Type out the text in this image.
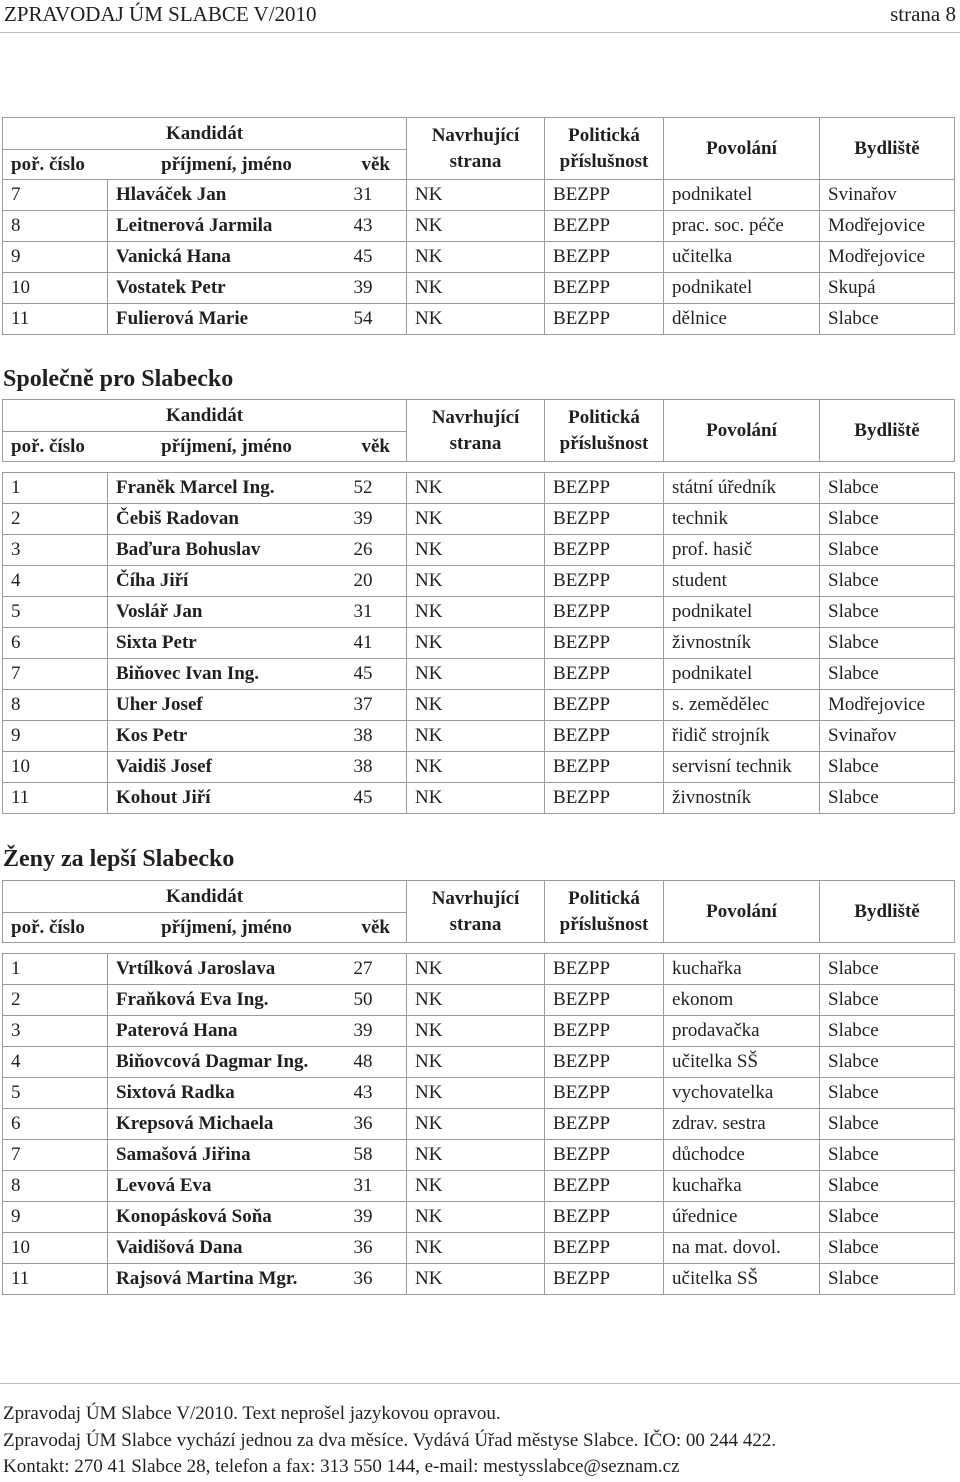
ZPRAVODAJ ÚM SLABCE V/2010	strana 8
Kandidát			Navrhující
strana	Politická
příslušnost	Povolání	Bydliště
poř. číslo	příjmení, jméno	věk				
7	Hlaváček Jan	31	NK	BEZPP	podnikatel	Svinařov
8	Leitnerová Jarmila	43	NK	BEZPP	prac. soc. péče	Modřejovice
9	Vanická Hana	45	NK	BEZPP	učitelka	Modřejovice
10	Vostatek Petr	39	NK	BEZPP	podnikatel	Skupá
11	Fulierová Marie	54	NK	BEZPP	dělnice	Slabce
Společně pro Slabecko
Kandidát			Navrhující
strana	Politická
příslušnost	Povolání	Bydliště
poř. číslo	příjmení, jméno	věk				

1	Franěk Marcel Ing.	52	NK	BEZPP	státní úředník	Slabce
2	Čebiš Radovan	39	NK	BEZPP	technik	Slabce
3	Baďura Bohuslav	26	NK	BEZPP	prof. hasič	Slabce
4	Číha Jiří	20	NK	BEZPP	student	Slabce
5	Voslář Jan	31	NK	BEZPP	podnikatel	Slabce
6	Sixta Petr	41	NK	BEZPP	živnostník	Slabce
7	Biňovec Ivan Ing.	45	NK	BEZPP	podnikatel	Slabce
8	Uher Josef	37	NK	BEZPP	s. zemědělec	Modřejovice
9	Kos Petr	38	NK	BEZPP	řidič strojník	Svinařov
10	Vaidiš Josef	38	NK	BEZPP	servisní technik	Slabce
11	Kohout Jiří	45	NK	BEZPP	živnostník	Slabce
Ženy za lepší Slabecko
Kandidát			Navrhující
strana	Politická
příslušnost	Povolání	Bydliště
poř. číslo	příjmení, jméno	věk				

1	Vrtílková Jaroslava	27	NK	BEZPP	kuchařka	Slabce
2	Fraňková Eva Ing.	50	NK	BEZPP	ekonom	Slabce
3	Paterová Hana	39	NK	BEZPP	prodavačka	Slabce
4	Biňovcová Dagmar Ing.	48	NK	BEZPP	učitelka SŠ	Slabce
5	Sixtová Radka	43	NK	BEZPP	vychovatelka	Slabce
6	Krepsová Michaela	36	NK	BEZPP	zdrav. sestra	Slabce
7	Samašová Jiřina	58	NK	BEZPP	důchodce	Slabce
8	Levová Eva	31	NK	BEZPP	kuchařka	Slabce
9	Konopásková Soňa	39	NK	BEZPP	úřednice	Slabce
10	Vaidišová Dana	36	NK	BEZPP	na mat. dovol.	Slabce
11	Rajsová Martina Mgr.	36	NK	BEZPP	učitelka SŠ	Slabce
Zpravodaj ÚM Slabce V/2010. Text neprošel jazykovou opravou.
Zpravodaj ÚM Slabce vychází jednou za dva měsíce. Vydává Úřad městyse Slabce. IČO: 00 244 422.
Kontakt: 270 41 Slabce 28, telefon a fax: 313 550 144, e-mail: mestysslabce@seznam.cz
